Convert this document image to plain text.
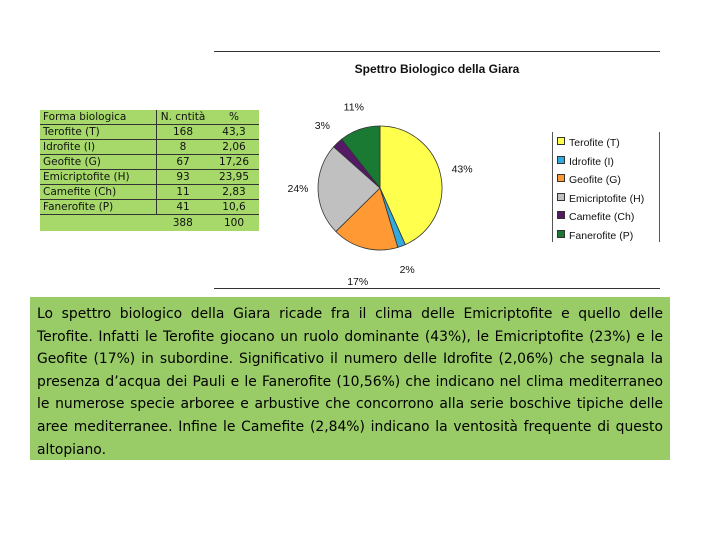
Spettro Biologico della Giara
Forma biologica	N. cntità	%
Terofite (T)	168	43,3
Idrofite (I)	8	2,06
Geofite (G)	67	17,26
Emicriptofite (H)	93	23,95
Camefite (Ch)	11	2,83
Fanerofite (P)	41	10,6
	388	100
43%
2%
17%
24%
3%
11%
Terofite (T)
Idrofite (I)
Geofite (G)
Emicriptofite (H)
Camefite (Ch)
Fanerofite (P)
Lo spettro biologico della Giara ricade fra il clima delle Emicriptofite e quello delle Terofite. Infatti le Terofite giocano un ruolo dominante (43%), le Emicriptofite (23%) e le Geofite (17%) in subordine. Significativo il numero delle Idrofite (2,06%) che segnala la presenza d’acqua dei Pauli e le Fanerofite (10,56%) che indicano nel clima mediterraneo le numerose specie arboree e arbustive che concorrono alla serie boschive tipiche delle aree mediterranee. Infine le Camefite (2,84%) indicano la ventosità frequente di questo altopiano.
